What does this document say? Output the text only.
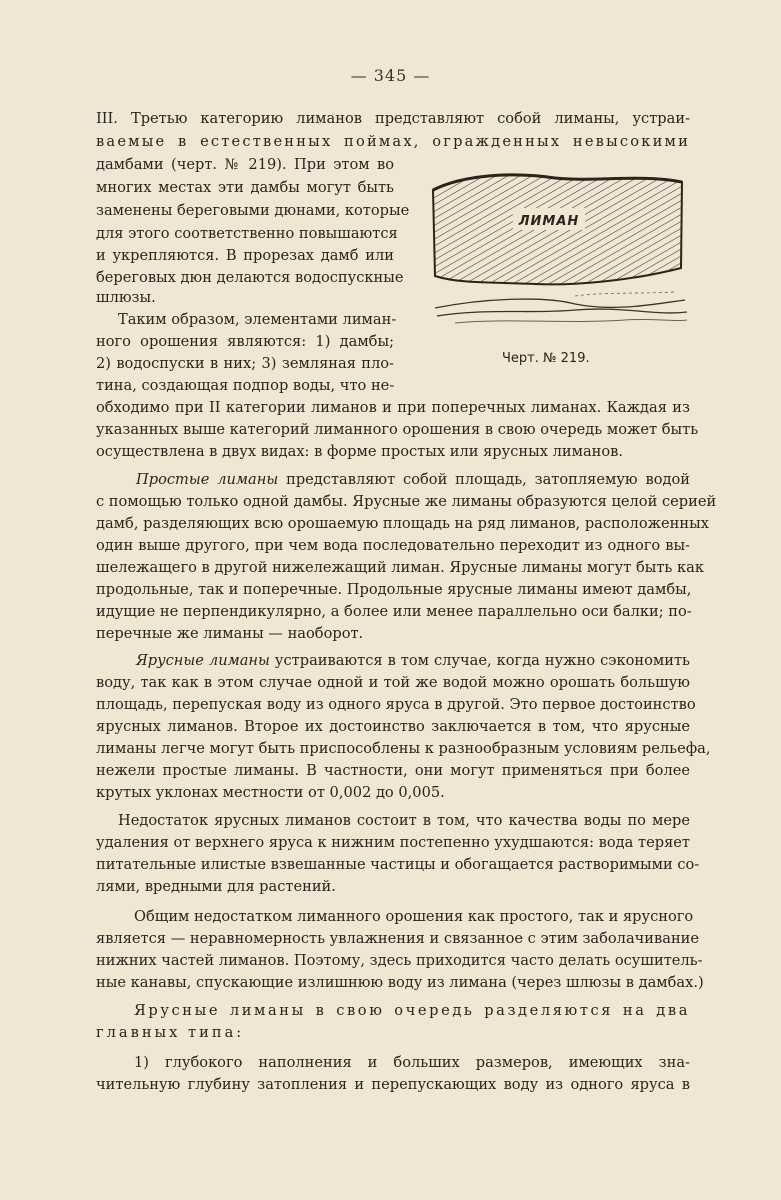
— 345 —
III. Третью категорию лиманов представляют собой лиманы, устраи-
ваемые в естественных поймах, огражденных невысокими
дамбами (черт. № 219). При этом во
многих местах эти дамбы могут быть
заменены береговыми дюнами, которые
для этого соответственно повышаются
и укрепляются. В прорезах дамб или
береговых дюн делаются водоспускные
шлюзы.
Таким образом, элементами лиман-
ного орошения являются: 1) дамбы;
2) водоспуски в них; 3) земляная пло-
тина, создающая подпор воды, что не-
обходимо при II категории лиманов и при поперечных лиманах. Каждая из
указанных выше категорий лиманного орошения в свою очередь может быть
осуществлена в двух видах: в форме простых или ярусных лиманов.
ЛИМАН
Черт. № 219.
Простые лиманы представляют собой площадь, затопляемую водой
с помощью только одной дамбы. Ярусные же лиманы образуются целой серией
дамб, разделяющих всю орошаемую площадь на ряд лиманов, расположенных
один выше другого, при чем вода последовательно переходит из одного вы-
шележащего в другой нижележащий лиман. Ярусные лиманы могут быть как
продольные, так и поперечные. Продольные ярусные лиманы имеют дамбы,
идущие не перпендикулярно, а более или менее параллельно оси балки; по-
перечные же лиманы — наоборот.
Ярусные лиманы устраиваются в том случае, когда нужно сэкономить
воду, так как в этом случае одной и той же водой можно орошать большую
площадь, перепуская воду из одного яруса в другой. Это первое достоинство
ярусных лиманов. Второе их достоинство заключается в том, что ярусные
лиманы легче могут быть приспособлены к разнообразным условиям рельефа,
нежели простые лиманы. В частности, они могут применяться при более
крутых уклонах местности от 0,002 до 0,005.
Недостаток ярусных лиманов состоит в том, что качества воды по мере
удаления от верхнего яруса к нижним постепенно ухудшаются: вода теряет
питательные илистые взвешанные частицы и обогащается растворимыми со-
лями, вредными для растений.
Общим недостатком лиманного орошения как простого, так и ярусного
является — неравномерность увлажнения и связанное с этим заболачивание
нижних частей лиманов. Поэтому, здесь приходится часто делать осушитель-
ные канавы, спускающие излишнюю воду из лимана (через шлюзы в дамбах.)
Ярусные лиманы в свою очередь разделяются на два
главных типа:
1) глубокого наполнения и больших размеров, имеющих зна-
чительную глубину затопления и перепускающих воду из одного яруса в
